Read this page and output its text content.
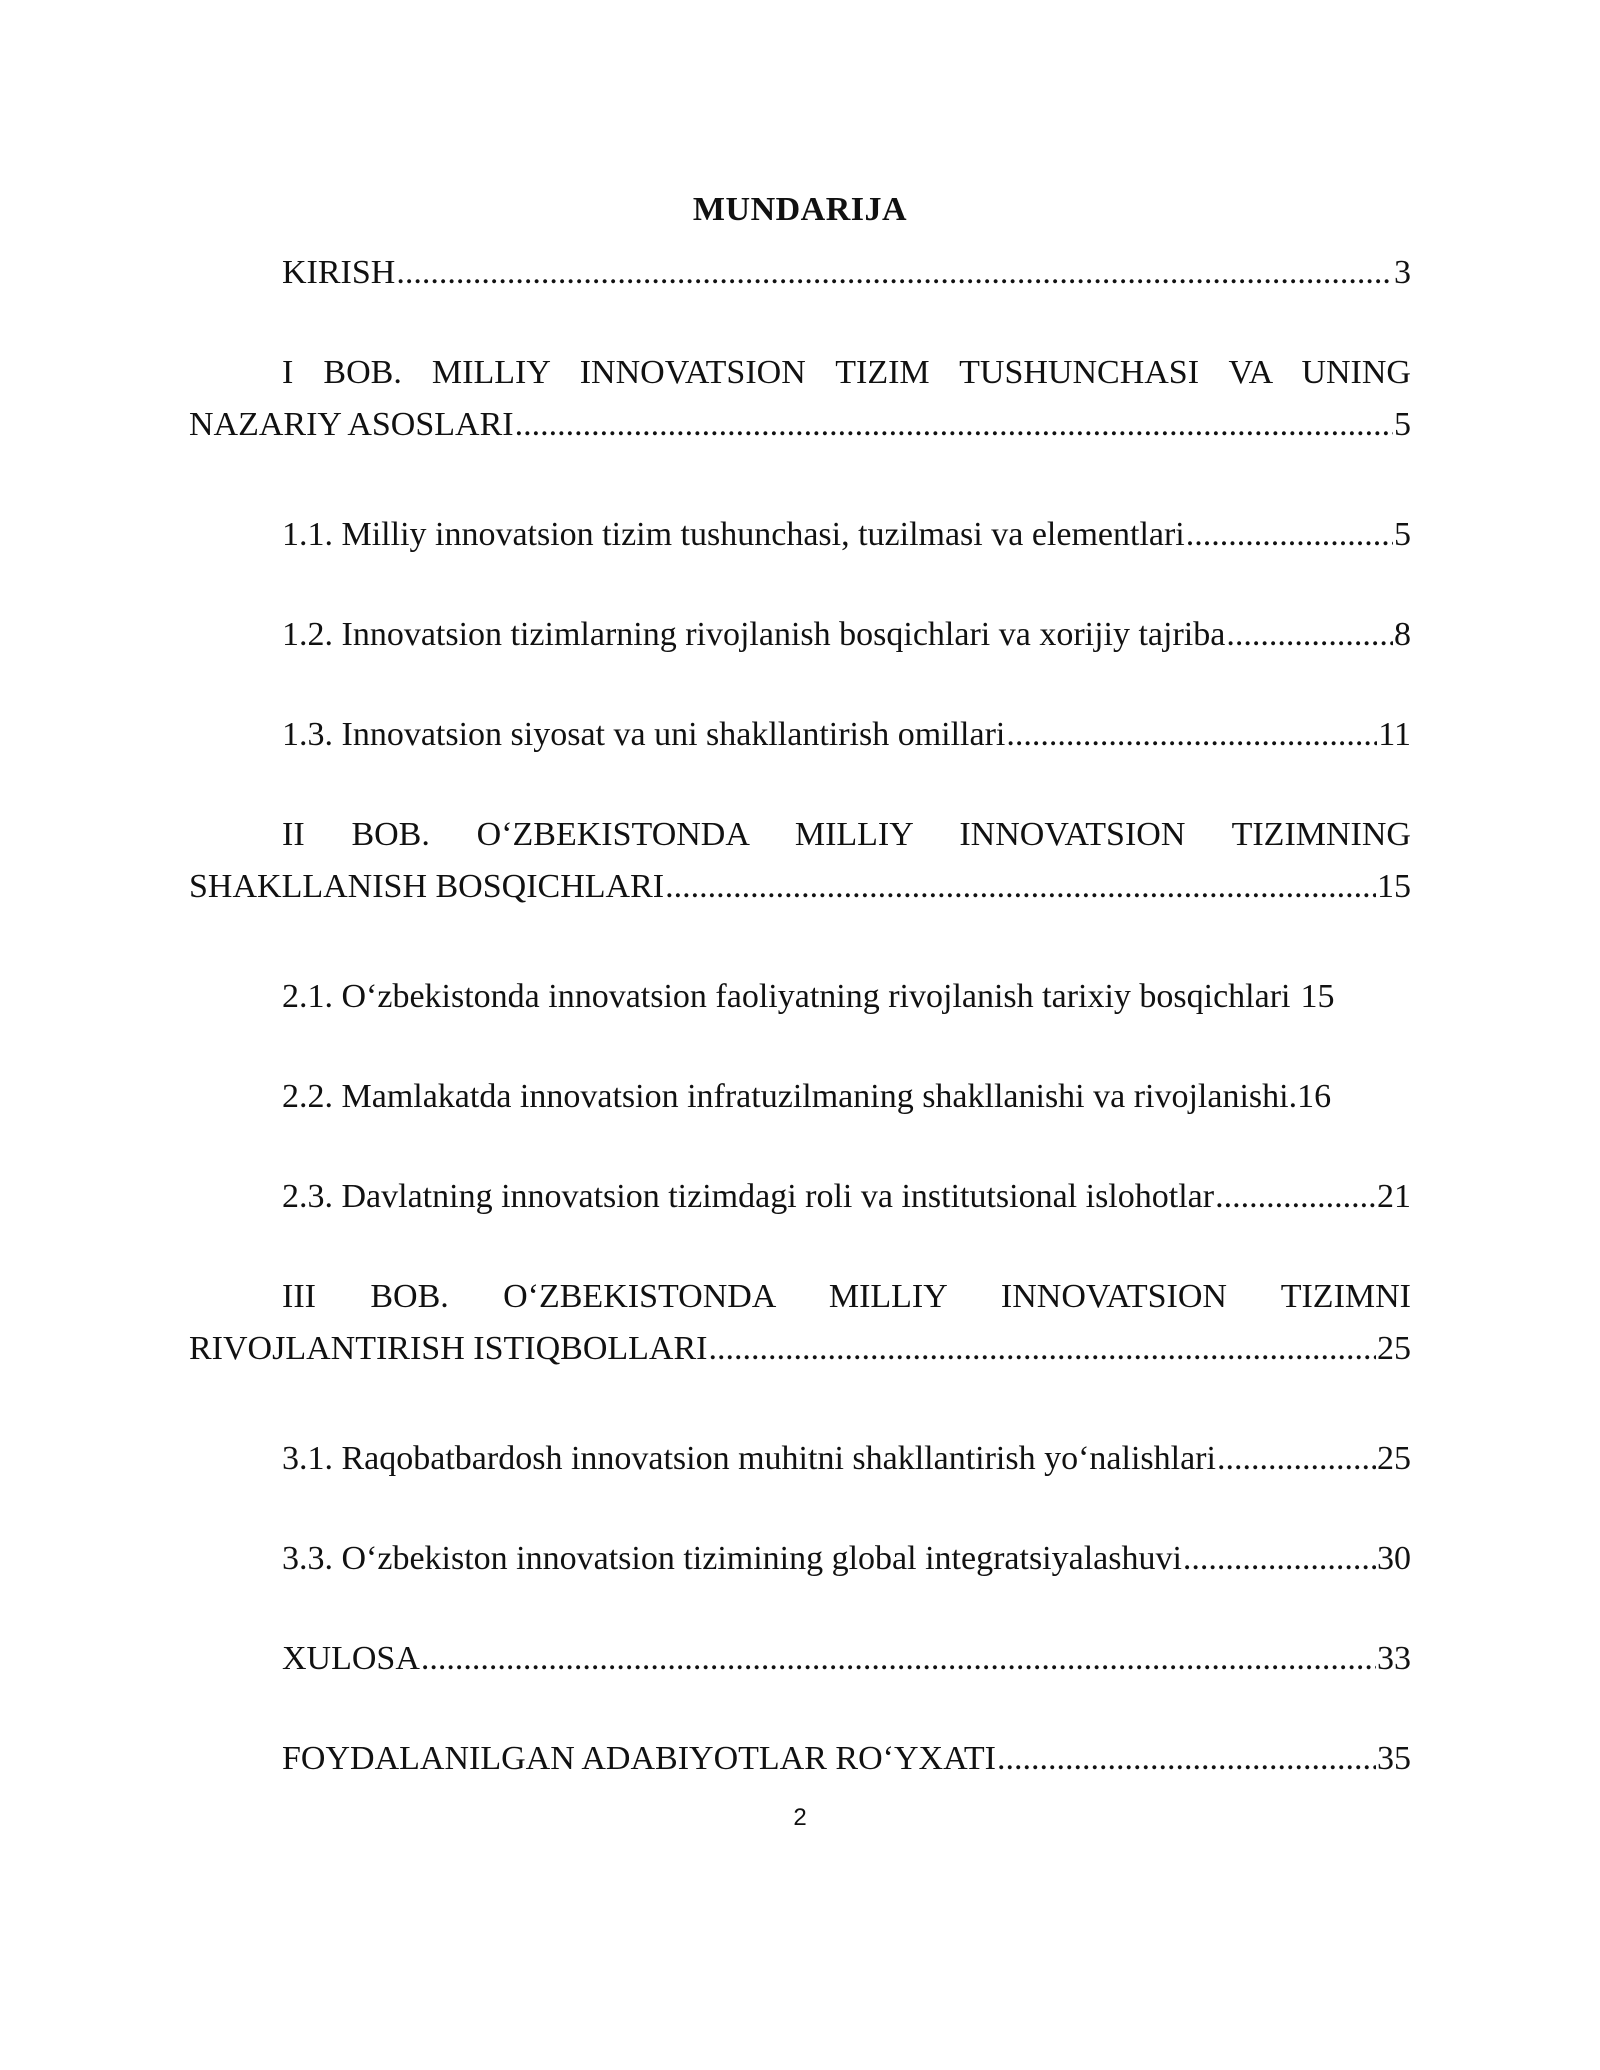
MUNDARIJA
KIRISH .....	3
I BOB. MILLIY INNOVATSION TIZIM TUSHUNCHASI VA UNING
NAZARIY ASOSLARI .....	5
1.1. Milliy innovatsion tizim tushunchasi, tuzilmasi va elementlari .....	5
1.2. Innovatsion tizimlarning rivojlanish bosqichlari va xorijiy tajriba .....	8
1.3. Innovatsion siyosat va uni shakllantirish omillari .....	11
II BOB. O‘ZBEKISTONDA MILLIY INNOVATSION TIZIMNING
SHAKLLANISH BOSQICHLARI .....	15
2.1. O‘zbekistonda innovatsion faoliyatning rivojlanish tarixiy bosqichlari 15
2.2. Mamlakatda innovatsion infratuzilmaning shakllanishi va rivojlanishi. 16
2.3. Davlatning innovatsion tizimdagi roli va institutsional islohotlar .....	21
III BOB. O‘ZBEKISTONDA MILLIY INNOVATSION TIZIMNI
RIVOJLANTIRISH ISTIQBOLLARI .....	25
3.1. Raqobatbardosh innovatsion muhitni shakllantirish yo‘nalishlari .....	25
3.3. O‘zbekiston innovatsion tizimining global integratsiyalashuvi .....	30
XULOSA .....	33
FOYDALANILGAN ADABIYOTLAR RO‘YXATI .....	35
2
